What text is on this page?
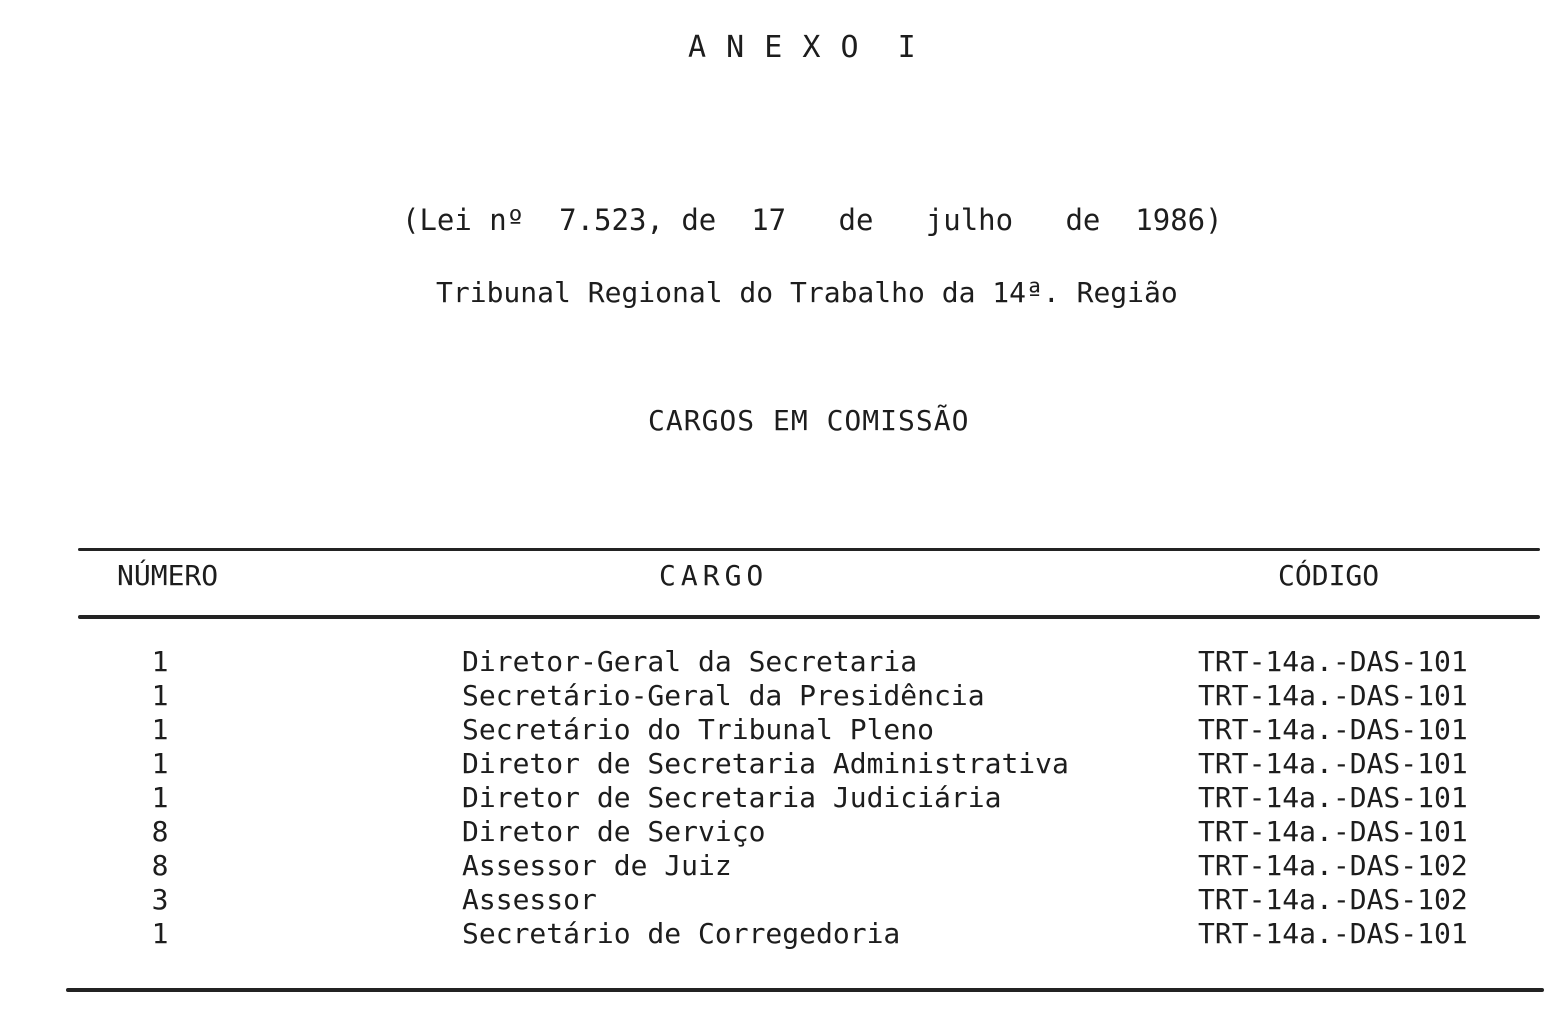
A N E X O  I
(Lei nº  7.523, de  17   de   julho   de  1986)
Tribunal Regional do Trabalho da 14ª. Região
CARGOS EM COMISSÃO
NÚMERO	CARGO	CÓDIGO
1	Diretor-Geral da Secretaria	TRT-14a.-DAS-101
1	Secretário-Geral da Presidência	TRT-14a.-DAS-101
1	Secretário do Tribunal Pleno	TRT-14a.-DAS-101
1	Diretor de Secretaria Administrativa	TRT-14a.-DAS-101
1	Diretor de Secretaria Judiciária	TRT-14a.-DAS-101
8	Diretor de Serviço	TRT-14a.-DAS-101
8	Assessor de Juiz	TRT-14a.-DAS-102
3	Assessor	TRT-14a.-DAS-102
1	Secretário de Corregedoria	TRT-14a.-DAS-101
